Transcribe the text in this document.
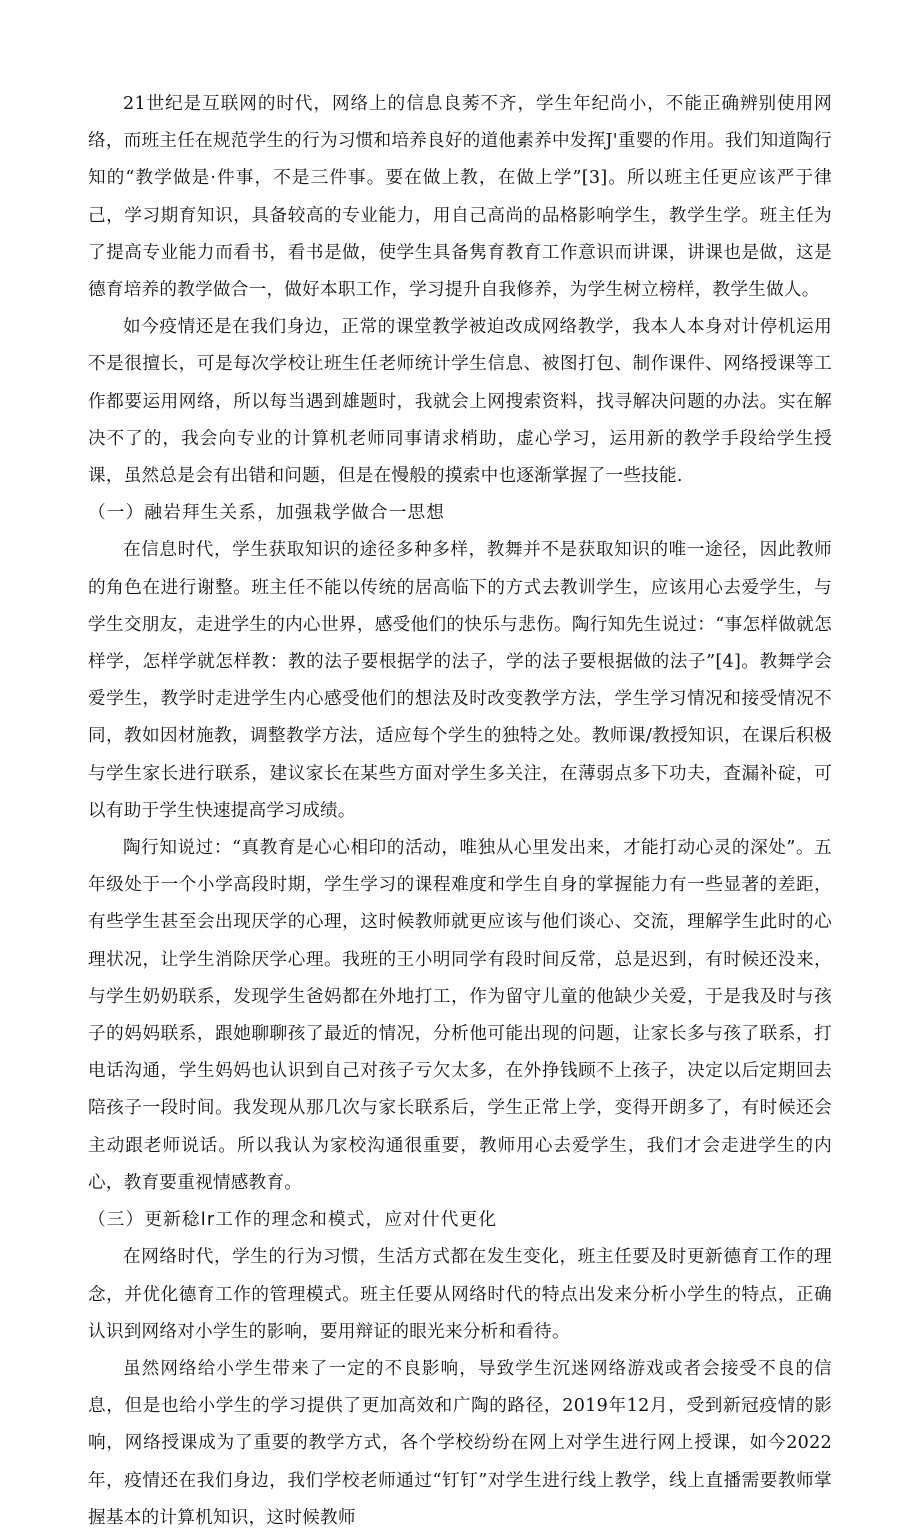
21世纪是互联网的时代，网络上的信息良莠不齐，学生年纪尚小，不能正确辨别使用网络，而班主任在规范学生的行为习惯和培养良好的道他素养中发挥J'重婴的作用。我们知道陶行知的“教学做是·件事，不是三件事。要在做上教，在做上学”[3]。所以班主任更应该严于律己，学习期育知识，具备较高的专业能力，用自己高尚的品格影响学生，教学生学。班主任为了提高专业能力而看书，看书是做，使学生具备隽育教育工作意识而讲课，讲课也是做，这是德育培养的教学做合一，做好本职工作，学习提升自我修养，为学生树立榜样，教学生做人。

如今疫情还是在我们身边，正常的课堂教学被迫改成网络教学，我本人本身对计停机运用不是很擅长，可是每次学校让班生任老师统计学生信息、被图打包、制作课件、网络授课等工作都要运用网络，所以每当遇到雄题时，我就会上网搜索资料，找寻解决问题的办法。实在解决不了的，我会向专业的计算机老师同事请求梢助，虚心学习，运用新的教学手段给学生授课，虽然总是会有出错和问题，但是在慢般的摸索中也逐渐掌握了一些技能.

（一）融岩拜生关系，加强栽学做合一思想

在信息时代，学生获取知识的途径多种多样，教舞并不是获取知识的唯一途径，因此教师的角色在进行谢整。班主任不能以传统的居高临下的方式去教训学生，应该用心去爱学生，与学生交朋友，走进学生的内心世界，感受他们的快乐与悲伤。陶行知先生说过：“事怎样做就怎样学，怎样学就怎样教：教的法子要根据学的法子，学的法子要根据做的法子”[4]。教舞学会爱学生，教学时走进学生内心感受他们的想法及时改变教学方法，学生学习情况和接受情况不同，教如因材施教，调整教学方法，适应每个学生的独特之处。教师课/教授知识，在课后积极与学生家长进行联系，建议家长在某些方面对学生多关注，在薄弱点多下功夫，査漏补碇，可以有助于学生快速提高学习成绩。

陶行知说过：“真教育是心心相印的活动，唯独从心里发出来，才能打动心灵的深处”。五年级处于一个小学高段时期，学生学习的课程难度和学生自身的掌握能力有一些显著的差距，有些学生甚至会出现厌学的心理，这时候教师就更应该与他们谈心、交流，理解学生此时的心理状况，让学生消除厌学心理。我班的王小明同学有段时间反常，总是迟到，有时候还没来，与学生奶奶联系，发现学生爸妈都在外地打工，作为留守儿童的他缺少关爱，于是我及时与孩子的妈妈联系，跟她聊聊孩了最近的情况，分析他可能出现的问题，让家长多与孩了联系，打电话沟通，学生妈妈也认识到自己对孩子亏欠太多，在外挣钱顾不上孩子，决定以后定期回去陪孩子一段时间。我发现从那几次与家长联系后，学生正常上学，变得开朗多了，有时候还会主动跟老师说话。所以我认为家校沟通很重要，教师用心去爱学生，我们才会走进学生的内心，教育要重视情感教育。

（三）更新稔lr工作的理念和模式，应对什代更化

在网络时代，学生的行为习惯，生活方式都在发生变化，班主任要及时更新德育工作的理念，并优化德育工作的管理模式。班主任要从网络时代的特点出发来分析小学生的特点，正确认识到网络对小学生的影响，要用辩证的眼光来分析和看待。

虽然网络给小学生带来了一定的不良影响，导致学生沉迷网络游戏或者会接受不良的信息，但是也给小学生的学习提供了更加高效和广陶的路径，2019年12月，受到新冠疫情的影响，网络授课成为了重要的教学方式，各个学校纷纷在网上对学生进行网上授课，如今2022年，疫情还在我们身边，我们学校老师通过“钉钉”对学生进行线上教学，线上直播需要教师掌握基本的计算机知识，这时候教师
